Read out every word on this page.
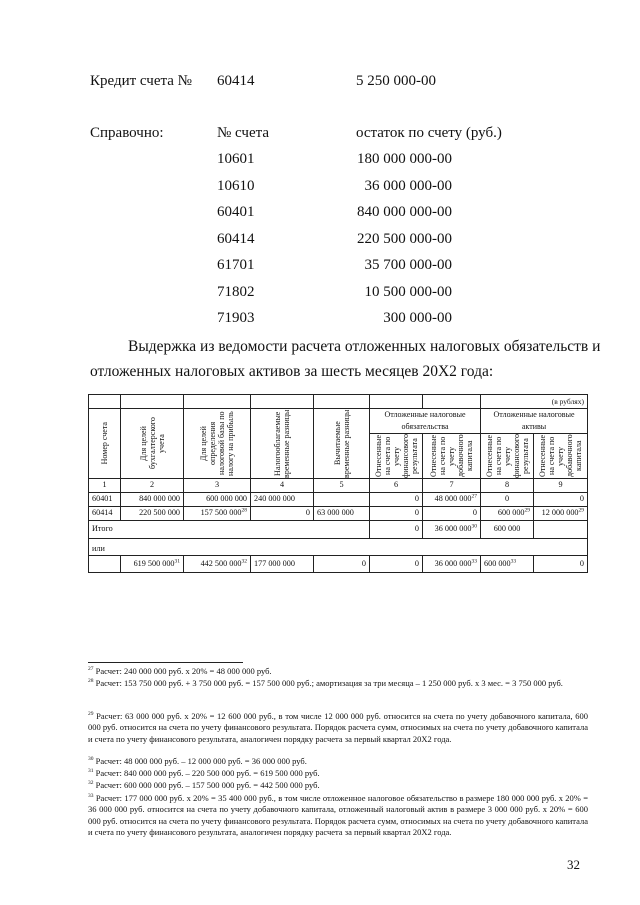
Кредит счета № 60414	5 250 000-00
Справочно:	№ счета	остаток по счету (руб.)
10601	180 000 000-00
10610	36 000 000-00
60401	840 000 000-00
60414	220 500 000-00
61701	35 700 000-00
71802	10 500 000-00
71903	300 000-00
Выдержка из ведомости расчета отложенных налоговых обязательств и
отложенных налоговых активов за шесть месяцев 20Х2 года:
							(в рублях)	

Номер счета	Для целей бухгалтерского учета	Для целей определения налоговой базы по налогу на прибыль	Налогооблагаемые временные разницы	Вычитаемые временные разницы	Отложенные налоговые обязательства		Отложенные налоговые активы	

					Отнесенные на счета по учету финансового результата	Отнесенные на счета по учету добавочного капитала	Отнесенные на счета по учету финансового результата	Отнесенные на счета по учету добавочного капитала

1	2	3	4	5	6	7	8	9
60401	840 000 000	600 000 000	240 000 000		0	48 000 $000^{27}$	0	0
60414	220 500 000	157 500 $000^{28}$	0	63 000 000	0	0	600 $000^{29}$	12 000 $000^{29}$
Итого					0	36 000 $000^{30}$	600 000	
или								
	619 500 $000^{31}$	442 500 $000^{32}$	177 000 000	0	0	36 000 $000^{33}$	600 $000^{33}$	0
$^{27}$ Расчет: 240 000 000 руб. x 20% = 48 000 000 руб.
$^{28}$ Расчет: 153 750 000 руб. + 3 750 000 руб. = 157 500 000 руб.; амортизация за три месяца – 1 250 000 руб. x 3 мес. = 3 750 000 руб.
$^{29}$ Расчет: 63 000 000 руб. x 20% = 12 600 000 руб., в том числе 12 000 000 руб. относится на счета по учету добавочного капитала, 600 000 руб. относится на счета по учету финансового результата. Порядок расчета сумм, относимых на счета по учету добавочного капитала и счета по учету финансового результата, аналогичен порядку расчета за первый квартал 20Х2 года.
$^{30}$ Расчет: 48 000 000 руб. – 12 000 000 руб. = 36 000 000 руб.
$^{31}$ Расчет: 840 000 000 руб. – 220 500 000 руб. = 619 500 000 руб.
$^{32}$ Расчет: 600 000 000 руб. – 157 500 000 руб. = 442 500 000 руб.
$^{33}$ Расчет: 177 000 000 руб. x 20% = 35 400 000 руб., в том числе отложенное налоговое обязательство в размере 180 000 000 руб. x 20% = 36 000 000 руб. относится на счета по учету добавочного капитала, отложенный налоговый актив в размере 3 000 000 руб. x 20% = 600 000 руб. относится на счета по учету финансового результата. Порядок расчета сумм, относимых на счета по учету добавочного капитала и счета по учету финансового результата, аналогичен порядку расчета за первый квартал 20Х2 года.
32
